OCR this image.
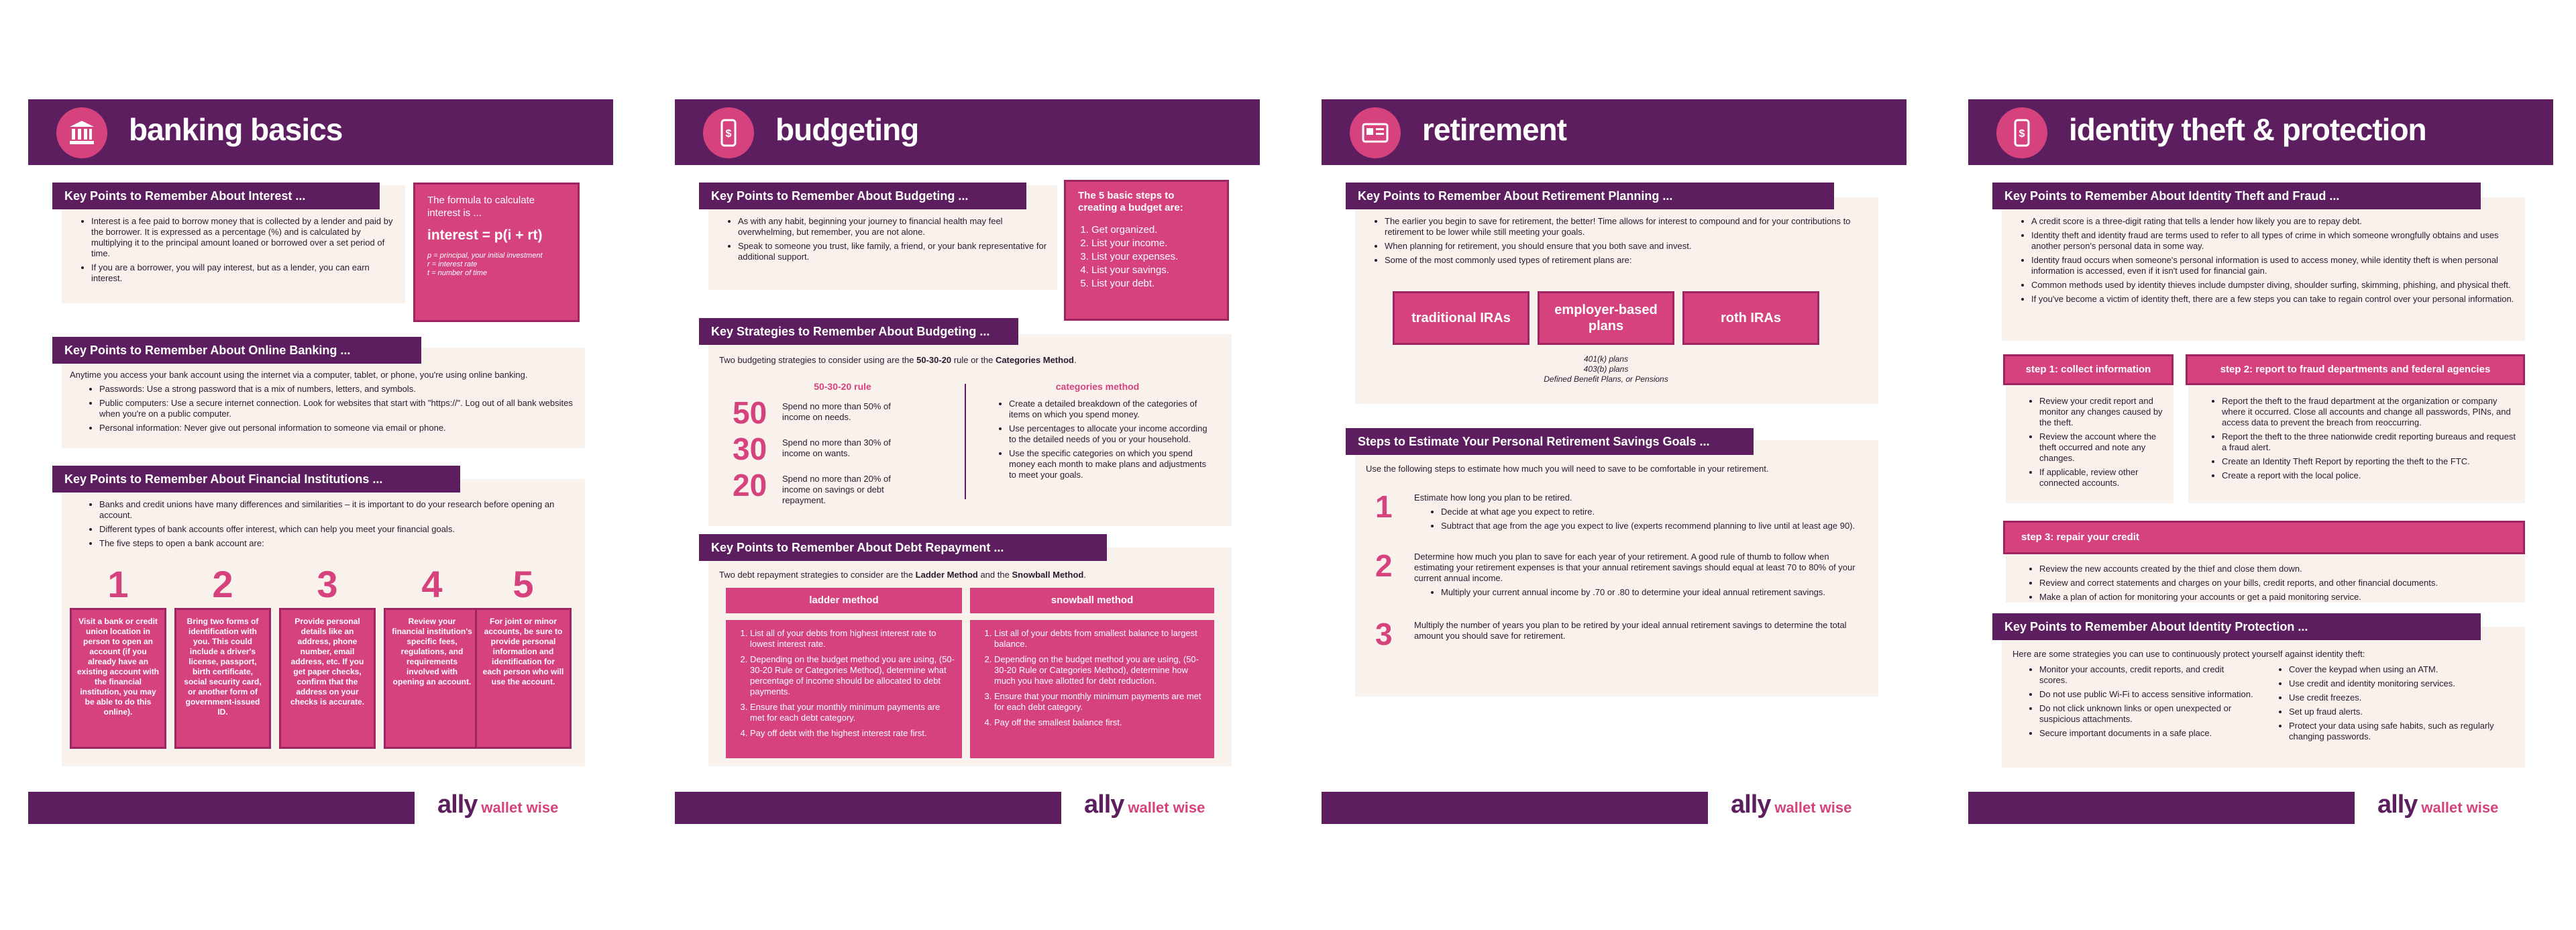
banking basics
Key Points to Remember About Interest ...
• Interest is a fee paid to borrow money that is collected by a lender and paid by the borrower. It is expressed as a percentage (%) and is calculated by multiplying it to the principal amount loaned or borrowed over a set period of time.
• If you are a borrower, you will pay interest, but as a lender, you can earn interest.
The formula to calculate interest is ...
interest = p(i + rt)
p = principal, your initial investment
r = interest rate
t = number of time
Key Points to Remember About Online Banking ...
Anytime you access your bank account using the internet via a computer, tablet, or phone, you're using online banking.
• Passwords: Use a strong password that is a mix of numbers, letters, and symbols.
• Public computers: Use a secure internet connection. Look for websites that start with "https://". Log out of all bank websites when you're on a public computer.
• Personal information: Never give out personal information to someone via email or phone.
Key Points to Remember About Financial Institutions ...
• Banks and credit unions have many differences and similarities – it is important to do your research before opening an account.
• Different types of bank accounts offer interest, which can help you meet your financial goals.
• The five steps to open a bank account are:
1	2	3	4	5
Visit a bank or credit union location in person to open an account (if you already have an existing account with the financial institution, you may be able to do this online).
Bring two forms of identification with you. This could include a driver's license, passport, birth certificate, social security card, or another form of government-issued ID.
Provide personal details like an address, phone number, email address, etc. If you get paper checks, confirm that the address on your checks is accurate.
Review your financial institution's specific fees, regulations, and requirements involved with opening an account.
For joint or minor accounts, be sure to provide personal information and identification for each person who will use the account.
ally wallet wise
$ budgeting
Key Points to Remember About Budgeting ...
• As with any habit, beginning your journey to financial health may feel overwhelming, but remember, you are not alone.
• Speak to someone you trust, like family, a friend, or your bank representative for additional support.
The 5 basic steps to creating a budget are:
1. Get organized.
2. List your income.
3. List your expenses.
4. List your savings.
5. List your debt.
Key Strategies to Remember About Budgeting ...
Two budgeting strategies to consider using are the 50-30-20 rule or the Categories Method.
50-30-20 rule
50 Spend no more than 50% of income on needs.
30 Spend no more than 30% of income on wants.
20 Spend no more than 20% of income on savings or debt repayment.
categories method
• Create a detailed breakdown of the categories of items on which you spend money.
• Use percentages to allocate your income according to the detailed needs of you or your household.
• Use the specific categories on which you spend money each month to make plans and adjustments to meet your goals.
Key Points to Remember About Debt Repayment ...
Two debt repayment strategies to consider are the Ladder Method and the Snowball Method.
ladder method
1. List all of your debts from highest interest rate to lowest interest rate.
2. Depending on the budget method you are using, (50-30-20 Rule or Categories Method), determine what percentage of income should be allocated to debt payments.
3. Ensure that your monthly minimum payments are met for each debt category.
4. Pay off debt with the highest interest rate first.
snowball method
1. List all of your debts from smallest balance to largest balance.
2. Depending on the budget method you are using, (50-30-20 Rule or Categories Method), determine how much you have allotted for debt reduction.
3. Ensure that your monthly minimum payments are met for each debt category.
4. Pay off the smallest balance first.
ally wallet wise
retirement
Key Points to Remember About Retirement Planning ...
• The earlier you begin to save for retirement, the better! Time allows for interest to compound and for your contributions to retirement to be lower while still meeting your goals.
• When planning for retirement, you should ensure that you both save and invest.
• Some of the most commonly used types of retirement plans are:
traditional IRAs
employer-based plans
roth IRAs
401(k) plans
403(b) plans
Defined Benefit Plans, or Pensions
Steps to Estimate Your Personal Retirement Savings Goals ...
Use the following steps to estimate how much you will need to save to be comfortable in your retirement.
1 Estimate how long you plan to be retired.
• Decide at what age you expect to retire.
• Subtract that age from the age you expect to live (experts recommend planning to live until at least age 90).
2 Determine how much you plan to save for each year of your retirement. A good rule of thumb to follow when estimating your retirement expenses is that your annual retirement savings should equal at least 70 to 80% of your current annual income.
• Multiply your current annual income by .70 or .80 to determine your ideal annual retirement savings.
3 Multiply the number of years you plan to be retired by your ideal annual retirement savings to determine the total amount you should save for retirement.
ally wallet wise
$ identity theft & protection
Key Points to Remember About Identity Theft and Fraud ...
• A credit score is a three-digit rating that tells a lender how likely you are to repay debt.
• Identity theft and identity fraud are terms used to refer to all types of crime in which someone wrongfully obtains and uses another person's personal data in some way.
• Identity fraud occurs when someone's personal information is used to access money, while identity theft is when personal information is accessed, even if it isn't used for financial gain.
• Common methods used by identity thieves include dumpster diving, shoulder surfing, skimming, phishing, and physical theft.
• If you've become a victim of identity theft, there are a few steps you can take to regain control over your personal information.
step 1: collect information
• Review your credit report and monitor any changes caused by the theft.
• Review the account where the theft occurred and note any changes.
• If applicable, review other connected accounts.
step 2: report to fraud departments and federal agencies
• Report the theft to the fraud department at the organization or company where it occurred. Close all accounts and change all passwords, PINs, and access data to prevent the breach from reoccurring.
• Report the theft to the three nationwide credit reporting bureaus and request a fraud alert.
• Create an Identity Theft Report by reporting the theft to the FTC.
• Create a report with the local police.
step 3: repair your credit
• Review the new accounts created by the thief and close them down.
• Review and correct statements and charges on your bills, credit reports, and other financial documents.
• Make a plan of action for monitoring your accounts or get a paid monitoring service.
Key Points to Remember About Identity Protection ...
Here are some strategies you can use to continuously protect yourself against identity theft:
• Monitor your accounts, credit reports, and credit scores.
• Do not use public Wi-Fi to access sensitive information.
• Do not click unknown links or open unexpected or suspicious attachments.
• Secure important documents in a safe place.
• Cover the keypad when using an ATM.
• Use credit and identity monitoring services.
• Use credit freezes.
• Set up fraud alerts.
• Protect your data using safe habits, such as regularly changing passwords.
ally wallet wise
